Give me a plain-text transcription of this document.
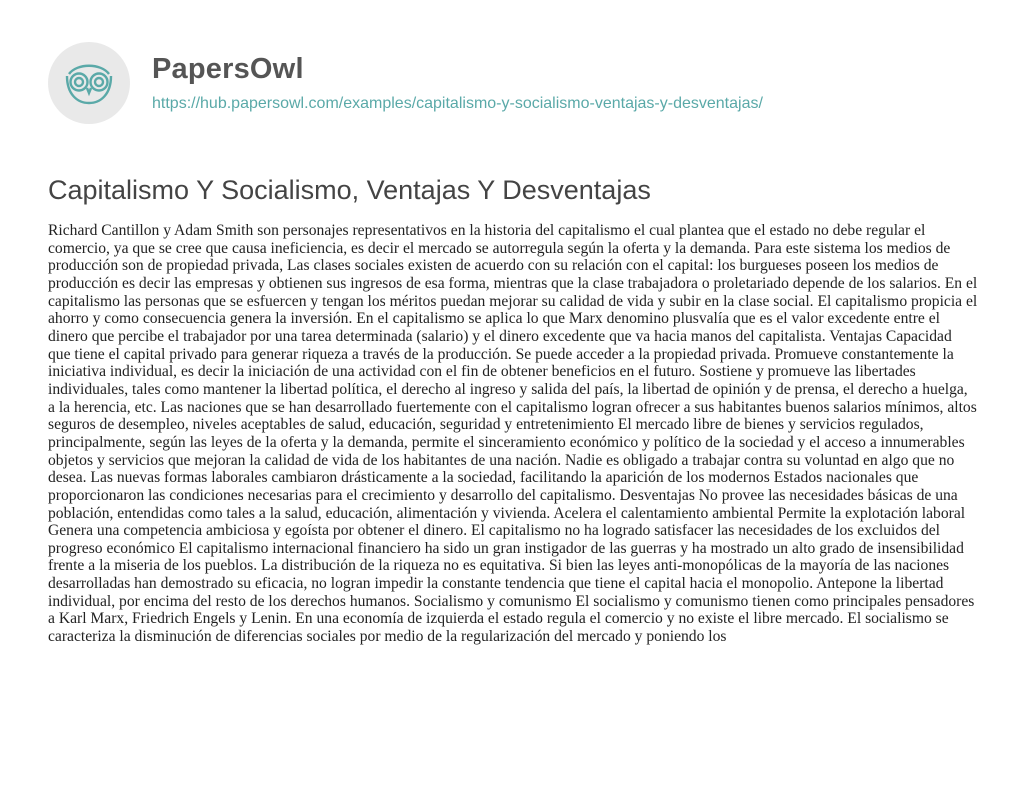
PapersOwl
https://hub.papersowl.com/examples/capitalismo-y-socialismo-ventajas-y-desventajas/
Capitalismo Y Socialismo, Ventajas Y Desventajas

Richard Cantillon y Adam Smith son personajes representativos en la historia del capitalismo el cual plantea que el estado no debe regular el comercio, ya que se cree que causa ineficiencia, es decir el mercado se autorregula según la oferta y la demanda. Para este sistema los medios de producción son de propiedad privada, Las clases sociales existen de acuerdo con su relación con el capital: los burgueses poseen los medios de producción es decir las empresas y obtienen sus ingresos de esa forma, mientras que la clase trabajadora o proletariado depende de los salarios. En el capitalismo las personas que se esfuercen y tengan los méritos puedan mejorar su calidad de vida y subir en la clase social. El capitalismo propicia el ahorro y como consecuencia genera la inversión. En el capitalismo se aplica lo que Marx denomino plusvalía que es el valor excedente entre el dinero que percibe el trabajador por una tarea determinada (salario) y el dinero excedente que va hacia manos del capitalista. Ventajas Capacidad que tiene el capital privado para generar riqueza a través de la producción. Se puede acceder a la propiedad privada. Promueve constantemente la iniciativa individual, es decir la iniciación de una actividad con el fin de obtener beneficios en el futuro. Sostiene y promueve las libertades individuales, tales como mantener la libertad política, el derecho al ingreso y salida del país, la libertad de opinión y de prensa, el derecho a huelga, a la herencia, etc. Las naciones que se han desarrollado fuertemente con el capitalismo logran ofrecer a sus habitantes buenos salarios mínimos, altos seguros de desempleo, niveles aceptables de salud, educación, seguridad y entretenimiento El mercado libre de bienes y servicios regulados, principalmente, según las leyes de la oferta y la demanda, permite el sinceramiento económico y político de la sociedad y el acceso a innumerables objetos y servicios que mejoran la calidad de vida de los habitantes de una nación. Nadie es obligado a trabajar contra su voluntad en algo que no desea. Las nuevas formas laborales cambiaron drásticamente a la sociedad, facilitando la aparición de los modernos Estados nacionales que proporcionaron las condiciones necesarias para el crecimiento y desarrollo del capitalismo. Desventajas No provee las necesidades básicas de una población, entendidas como tales a la salud, educación, alimentación y vivienda. Acelera el calentamiento ambiental Permite la explotación laboral Genera una competencia ambiciosa y egoísta por obtener el dinero. El capitalismo no ha logrado satisfacer las necesidades de los excluidos del progreso económico El capitalismo internacional financiero ha sido un gran instigador de las guerras y ha mostrado un alto grado de insensibilidad frente a la miseria de los pueblos. La distribución de la riqueza no es equitativa. Si bien las leyes anti-monopólicas de la mayoría de las naciones desarrolladas han demostrado su eficacia, no logran impedir la constante tendencia que tiene el capital hacia el monopolio. Antepone la libertad individual, por encima del resto de los derechos humanos. Socialismo y comunismo El socialismo y comunismo tienen como principales pensadores a Karl Marx, Friedrich Engels y Lenin. En una economía de izquierda el estado regula el comercio y no existe el libre mercado. El socialismo se caracteriza la disminución de diferencias sociales por medio de la regularización del mercado y poniendo los
